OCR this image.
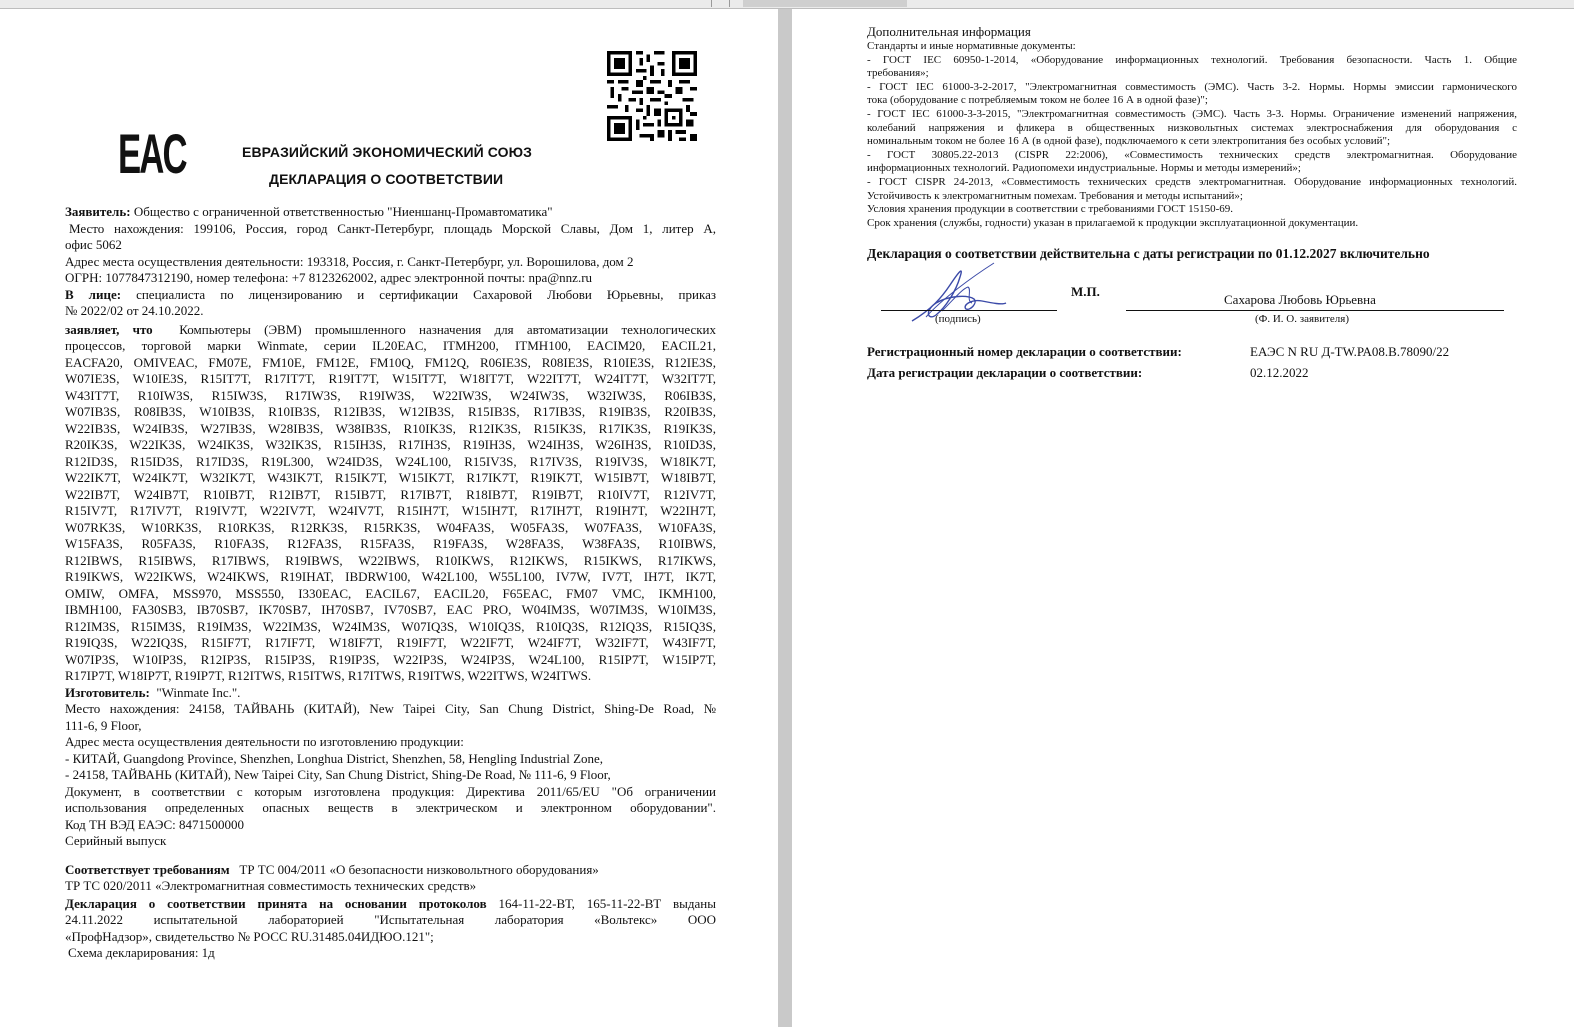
EAC	ЕВРАЗИЙСКИЙ ЭКОНОМИЧЕСКИЙ СОЮЗ
ДЕКЛАРАЦИЯ О СООТВЕТСТВИИ
Заявитель: Общество с ограниченной ответственностью "Ниеншанц-Промавтоматика"
Место нахождения: 199106, Россия, город Санкт-Петербург, площадь Морской Славы, Дом 1, литер А,
офис 5062
Адрес места осуществления деятельности: 193318, Россия, г. Санкт-Петербург, ул. Ворошилова, дом 2
ОГРН: 1077847312190, номер телефона: +7 8123262002, адрес электронной почты: npa@nnz.ru
В лице: специалиста по лицензированию и сертификации Сахаровой Любови Юрьевны, приказ
№ 2022/02 от 24.10.2022.
заявляет, что Компьютеры (ЭВМ) промышленного назначения для автоматизации технологических
процессов, торговой марки Winmate, серии IL20EAC, ITMH200, ITMH100, EACIM20, EACIL21,
EACFA20, OMIVEAC, FM07E, FM10E, FM12E, FM10Q, FM12Q, R06IE3S, R08IE3S, R10IE3S, R12IE3S,
W07IE3S, W10IE3S, R15IT7T, R17IT7T, R19IT7T, W15IT7T, W18IT7T, W22IT7T, W24IT7T, W32IT7T,
W43IT7T, R10IW3S, R15IW3S, R17IW3S, R19IW3S, W22IW3S, W24IW3S, W32IW3S, R06IB3S,
W07IB3S, R08IB3S, W10IB3S, R10IB3S, R12IB3S, W12IB3S, R15IB3S, R17IB3S, R19IB3S, R20IB3S,
W22IB3S, W24IB3S, W27IB3S, W28IB3S, W38IB3S, R10IK3S, R12IK3S, R15IK3S, R17IK3S, R19IK3S,
R20IK3S, W22IK3S, W24IK3S, W32IK3S, R15IH3S, R17IH3S, R19IH3S, W24IH3S, W26IH3S, R10ID3S,
R12ID3S, R15ID3S, R17ID3S, R19L300, W24ID3S, W24L100, R15IV3S, R17IV3S, R19IV3S, W18IK7T,
W22IK7T, W24IK7T, W32IK7T, W43IK7T, R15IK7T, W15IK7T, R17IK7T, R19IK7T, W15IB7T, W18IB7T,
W22IB7T, W24IB7T, R10IB7T, R12IB7T, R15IB7T, R17IB7T, R18IB7T, R19IB7T, R10IV7T, R12IV7T,
R15IV7T, R17IV7T, R19IV7T, W22IV7T, W24IV7T, R15IH7T, W15IH7T, R17IH7T, R19IH7T, W22IH7T,
W07RK3S, W10RK3S, R10RK3S, R12RK3S, R15RK3S, W04FA3S, W05FA3S, W07FA3S, W10FA3S,
W15FA3S, R05FA3S, R10FA3S, R12FA3S, R15FA3S, R19FA3S, W28FA3S, W38FA3S, R10IBWS,
R12IBWS, R15IBWS, R17IBWS, R19IBWS, W22IBWS, R10IKWS, R12IKWS, R15IKWS, R17IKWS,
R19IKWS, W22IKWS, W24IKWS, R19IHAT, IBDRW100, W42L100, W55L100, IV7W, IV7T, IH7T, IK7T,
OMIW, OMFA, MSS970, MSS550, I330EAC, EACIL67, EACIL20, F65EAC, FM07 VMC, IKMH100,
IBMH100, FA30SB3, IB70SB7, IK70SB7, IH70SB7, IV70SB7, EAC PRO, W04IM3S, W07IM3S, W10IM3S,
R12IM3S, R15IM3S, R19IM3S, W22IM3S, W24IM3S, W07IQ3S, W10IQ3S, R10IQ3S, R12IQ3S, R15IQ3S,
R19IQ3S, W22IQ3S, R15IF7T, R17IF7T, W18IF7T, R19IF7T, W22IF7T, W24IF7T, W32IF7T, W43IF7T,
W07IP3S, W10IP3S, R12IP3S, R15IP3S, R19IP3S, W22IP3S, W24IP3S, W24L100, R15IP7T, W15IP7T,
R17IP7T, W18IP7T, R19IP7T, R12ITWS, R15ITWS, R17ITWS, R19ITWS, W22ITWS, W24ITWS.
Изготовитель: "Winmate Inc.".
Место нахождения: 24158, ТАЙВАНЬ (КИТАЙ), New Taipei City, San Chung District, Shing-De Road, №
111-6, 9 Floor,
Адрес места осуществления деятельности по изготовлению продукции:
- КИТАЙ, Guangdong Province, Shenzhen, Longhua District, Shenzhen, 58, Hengling Industrial Zone,
- 24158, ТАЙВАНЬ (КИТАЙ), New Taipei City, San Chung District, Shing-De Road, № 111-6, 9 Floor,
Документ, в соответствии с которым изготовлена продукция: Директива 2011/65/EU "Об ограничении
использования определенных опасных веществ в электрическом и электронном оборудовании".
Код ТН ВЭД ЕАЭС: 8471500000
Серийный выпуск
Соответствует требованиям ТР ТС 004/2011 «О безопасности низковольтного оборудования»
ТР ТС 020/2011 «Электромагнитная совместимость технических средств»
Декларация о соответствии принята на основании протоколов 164-11-22-ВТ, 165-11-22-ВТ выданы
24.11.2022 испытательной лабораторией "Испытательная лаборатория «Вольтекс» ООО
«ПрофНадзор», свидетельство № РОСС RU.31485.04ИДЮО.121";
Схема декларирования: 1д
Дополнительная информация
Стандарты и иные нормативные документы:
- ГОСТ IEC 60950-1-2014, «Оборудование информационных технологий. Требования безопасности. Часть 1. Общие
требования»;
- ГОСТ IEC 61000-3-2-2017, "Электромагнитная совместимость (ЭМС). Часть 3-2. Нормы. Нормы эмиссии гармонического
тока (оборудование с потребляемым током не более 16 А в одной фазе)";
- ГОСТ IEC 61000-3-3-2015, "Электромагнитная совместимость (ЭМС). Часть 3-3. Нормы. Ограничение изменений напряжения,
колебаний напряжения и фликера в общественных низковольтных системах электроснабжения для оборудования с
номинальным током не более 16 А (в одной фазе), подключаемого к сети электропитания без особых условий";
- ГОСТ 30805.22-2013 (CISPR 22:2006), «Совместимость технических средств электромагнитная. Оборудование
информационных технологий. Радиопомехи индустриальные. Нормы и методы измерений»;
- ГОСТ CISPR 24-2013, «Совместимость технических средств электромагнитная. Оборудование информационных технологий.
Устойчивость к электромагнитным помехам. Требования и методы испытаний»;
Условия хранения продукции в соответствии с требованиями ГОСТ 15150-69.
Срок хранения (службы, годности) указан в прилагаемой к продукции эксплуатационной документации.
Декларация о соответствии действительна с даты регистрации по 01.12.2027 включительно
М.П.
(подпись)
Сахарова Любовь Юрьевна
(Ф. И. О. заявителя)
Регистрационный номер декларации о соответствии:	ЕАЭС N RU Д-TW.РА08.В.78090/22
Дата регистрации декларации о соответствии:	02.12.2022
